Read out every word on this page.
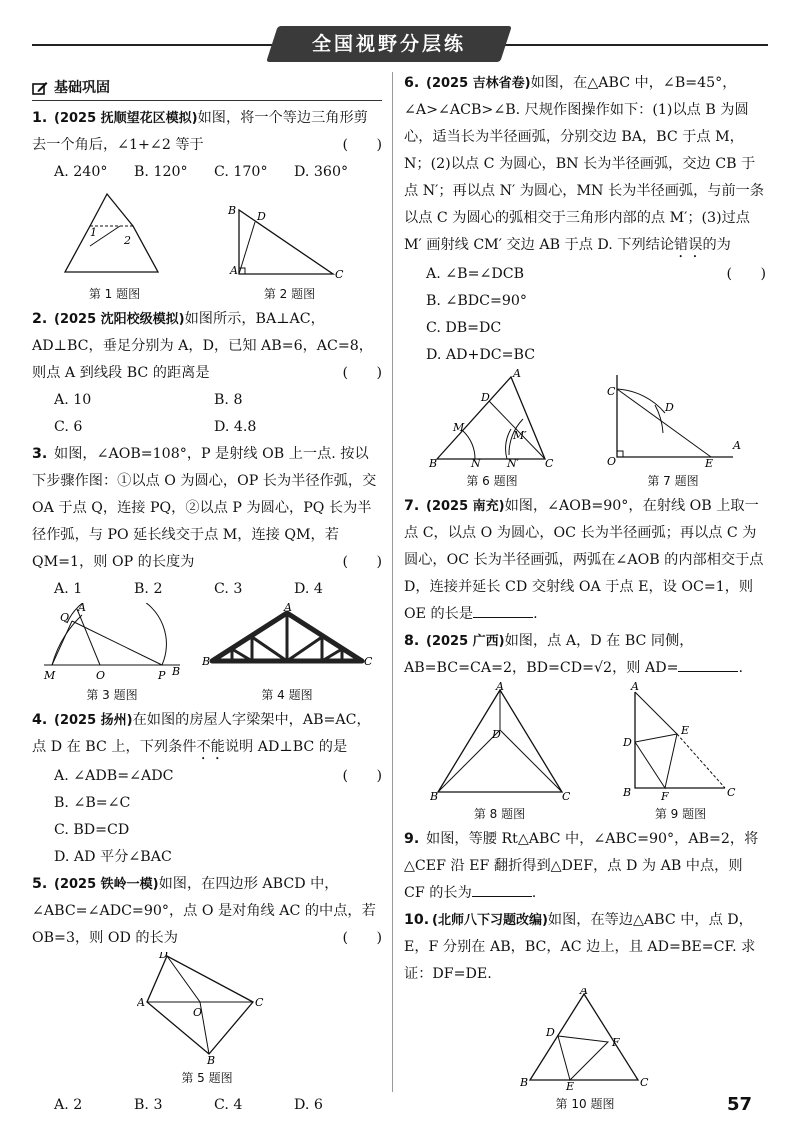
全国视野分层练
基础巩固
1. (2025 抚顺望花区模拟)如图，将一个等边三角形剪去一个角后，∠1+∠2 等于	(　　)
A. 240°	B. 120°	C. 170°	D. 360°
1
2
第 1 题图
B D
A	C
第 2 题图
2. (2025 沈阳校级模拟)如图所示，BA⊥AC，AD⊥BC，垂足分别为 A，D，已知 AB=6，AC=8，则点 A 到线段 BC 的距离是	(　　)
A. 10	B. 8
C. 6	D. 4.8
3. 如图，∠AOB=108°，P 是射线 OB 上一点. 按以下步骤作图：①以点 O 为圆心，OP 长为半径作弧，交 OA 于点 Q，连接 PQ，②以点 P 为圆心，PQ 长为半径作弧，与 PO 延长线交于点 M，连接 QM，若 QM=1，则 OP 的长度为	(　　)
A. 1	B. 2	C. 3	D. 4
A
Q
M	O	P B
第 3 题图
A
B	C
第 4 题图
4. (2025 扬州)在如图的房屋人字梁架中，AB=AC，点 D 在 BC 上，下列条件不能说明 AD⊥BC 的是
(　　)
A. ∠ADB=∠ADC
B. ∠B=∠C
C. BD=CD
D. AD 平分∠BAC
5. (2025 铁岭一模)如图，在四边形 ABCD 中，∠ABC=∠ADC=90°，点 O 是对角线 AC 的中点，若 OB=3，则 OD 的长为	(　　)
D
A
O
C
B
第 5 题图
A. 2	B. 3	C. 4	D. 6
6. (2025 吉林省卷)如图，在△ABC 中，∠B=45°，∠A>∠ACB>∠B. 尺规作图操作如下：(1)以点 B 为圆心，适当长为半径画弧，分别交边 BA，BC 于点 M，N；(2)以点 C 为圆心，BN 长为半径画弧，交边 CB 于点 N′；再以点 N′ 为圆心，MN 长为半径画弧，与前一条以点 C 为圆心的弧相交于三角形内部的点 M′；(3)过点 M′ 画射线 CM′ 交边 AB 于点 D. 下列结论错误的为
(　　)
A. ∠B=∠DCB
B. ∠BDC=90°
C. DB=DC
D. AD+DC=BC
A
M
D
M′
B	N N′ C
第 6 题图
C
D
O	E
A
第 7 题图
7. (2025 南充)如图，∠AOB=90°，在射线 OB 上取一点 C，以点 O 为圆心，OC 长为半径画弧；再以点 C 为圆心，OC 长为半径画弧，两弧在∠AOB 的内部相交于点 D，连接并延长 CD 交射线 OA 于点 E，设 OC=1，则 OE 的长是	.
8. (2025 广西)如图，点 A，D 在 BC 同侧，AB=BC=CA=2，BD=CD=√2，则 AD=	.
A
D
B	C
第 8 题图
A
D
E
B	F	C
第 9 题图
9. 如图，等腰 Rt△ABC 中，∠ABC=90°，AB=2，将△CEF 沿 EF 翻折得到△DEF，点 D 为 AB 中点，则 CF 的长为	.
10. (北师八下习题改编)如图，在等边△ABC 中，点 D，E，F 分别在 AB，BC，AC 边上，且 AD=BE=CF. 求证：DF=DE.
A
D
F
B	E	C
第 10 题图	57
